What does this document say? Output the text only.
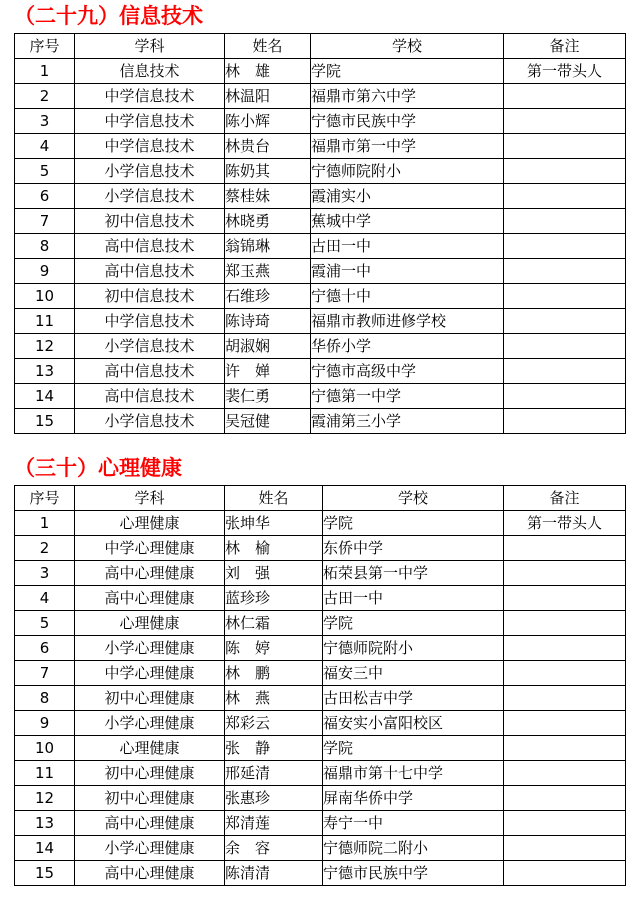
（二十九）信息技术
序号	学科	姓名	学校	备注
1	信息技术	林　雄	学院	第一带头人
2	中学信息技术	林温阳	福鼎市第六中学	
3	中学信息技术	陈小辉	宁德市民族中学	
4	中学信息技术	林贵台	福鼎市第一中学	
5	小学信息技术	陈奶其	宁德师院附小	
6	小学信息技术	蔡桂妹	霞浦实小	
7	初中信息技术	林晓勇	蕉城中学	
8	高中信息技术	翁锦琳	古田一中	
9	高中信息技术	郑玉燕	霞浦一中	
10	初中信息技术	石维珍	宁德十中	
11	中学信息技术	陈诗琦	福鼎市教师进修学校	
12	小学信息技术	胡淑娴	华侨小学	
13	高中信息技术	许　婵	宁德市高级中学	
14	高中信息技术	裴仁勇	宁德第一中学	
15	小学信息技术	吴冠健	霞浦第三小学	
（三十）心理健康
序号	学科	姓名	学校	备注
1	心理健康	张坤华	学院	第一带头人
2	中学心理健康	林　榆	东侨中学	
3	高中心理健康	刘　强	柘荣县第一中学	
4	高中心理健康	蓝珍珍	古田一中	
5	心理健康	林仁霜	学院	
6	小学心理健康	陈　婷	宁德师院附小	
7	中学心理健康	林　鹏	福安三中	
8	初中心理健康	林　燕	古田松吉中学	
9	小学心理健康	郑彩云	福安实小富阳校区	
10	心理健康	张　静	学院	
11	初中心理健康	邢延清	福鼎市第十七中学	
12	初中心理健康	张惠珍	屏南华侨中学	
13	高中心理健康	郑清莲	寿宁一中	
14	小学心理健康	余　容	宁德师院二附小	
15	高中心理健康	陈清清	宁德市民族中学	
